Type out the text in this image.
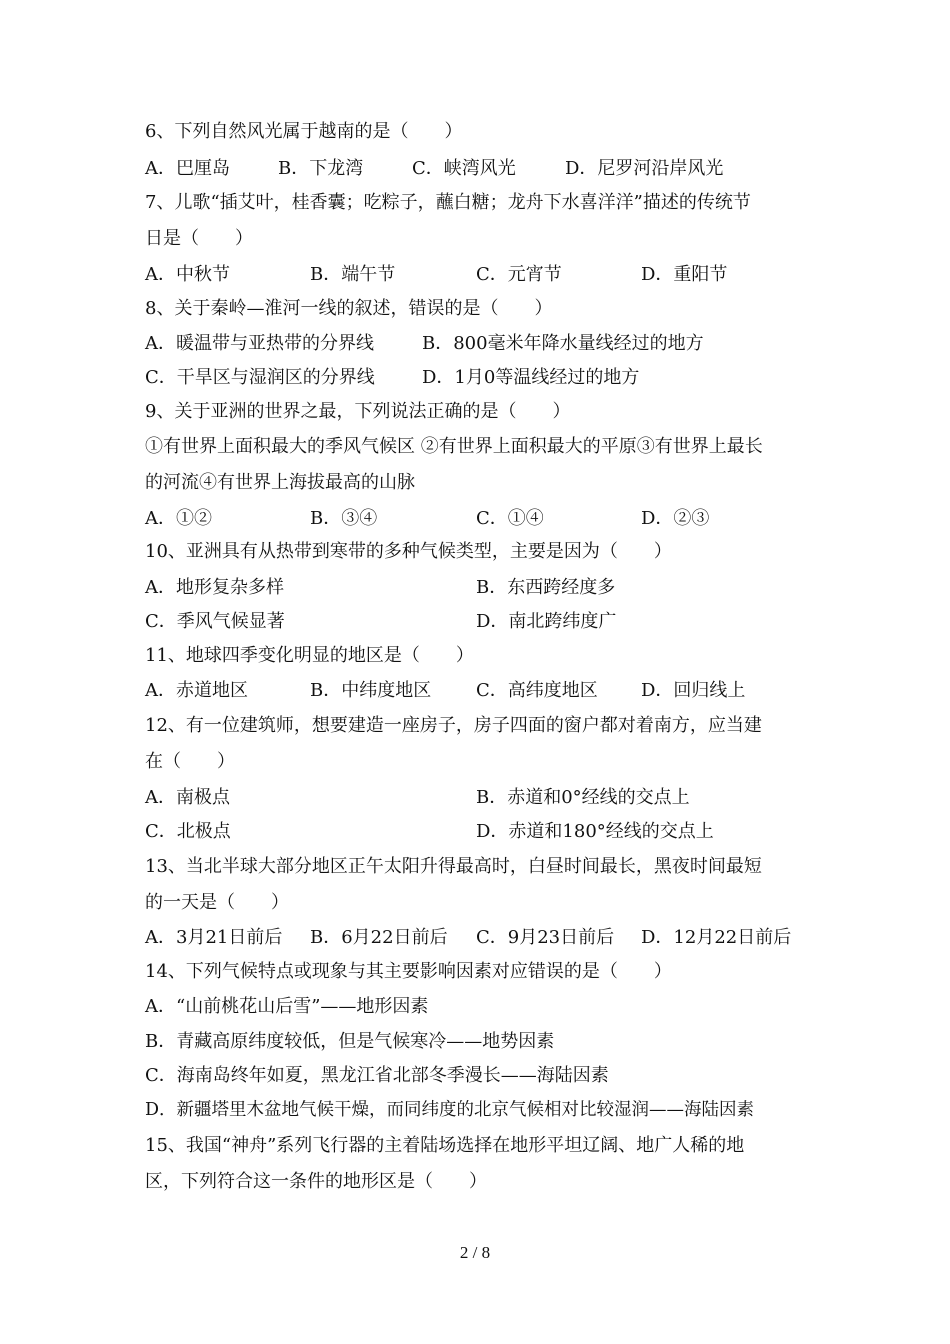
6、下列自然风光属于越南的是（　　）
A．巴厘岛	B．下龙湾	C．峡湾风光	D．尼罗河沿岸风光
7、儿歌“插艾叶，桂香囊；吃粽子，蘸白糖；龙舟下水喜洋洋”描述的传统节
日是（　　）
A．中秋节	B．端午节	C．元宵节	D．重阳节
8、关于秦岭—淮河一线的叙述，错误的是（　　）
A．暖温带与亚热带的分界线	B．800毫米年降水量线经过的地方
C．干旱区与湿润区的分界线	D．1月0等温线经过的地方
9、关于亚洲的世界之最，下列说法正确的是（　　）
①有世界上面积最大的季风气候区 ②有世界上面积最大的平原③有世界上最长
的河流④有世界上海拔最高的山脉
A．①②	B．③④	C．①④	D．②③
10、亚洲具有从热带到寒带的多种气候类型，主要是因为（　　）
A．地形复杂多样	B．东西跨经度多
C．季风气候显著	D．南北跨纬度广
11、地球四季变化明显的地区是（　　）
A．赤道地区	B．中纬度地区 C．高纬度地区 D．回归线上
12、有一位建筑师，想要建造一座房子，房子四面的窗户都对着南方，应当建
在（　　）
A．南极点	B．赤道和0°经线的交点上
C．北极点	D．赤道和180°经线的交点上
13、当北半球大部分地区正午太阳升得最高时，白昼时间最长，黑夜时间最短
的一天是（　　）
A．3月21日前后 B．6月22日前后 C．9月23日前后 D．12月22日前后
14、下列气候特点或现象与其主要影响因素对应错误的是（　　）
A．“山前桃花山后雪”——地形因素
B．青藏高原纬度较低，但是气候寒冷——地势因素
C．海南岛终年如夏，黑龙江省北部冬季漫长——海陆因素
D．新疆塔里木盆地气候干燥，而同纬度的北京气候相对比较湿润——海陆因素
15、我国“神舟”系列飞行器的主着陆场选择在地形平坦辽阔、地广人稀的地
区，下列符合这一条件的地形区是（　　）
2 / 8
